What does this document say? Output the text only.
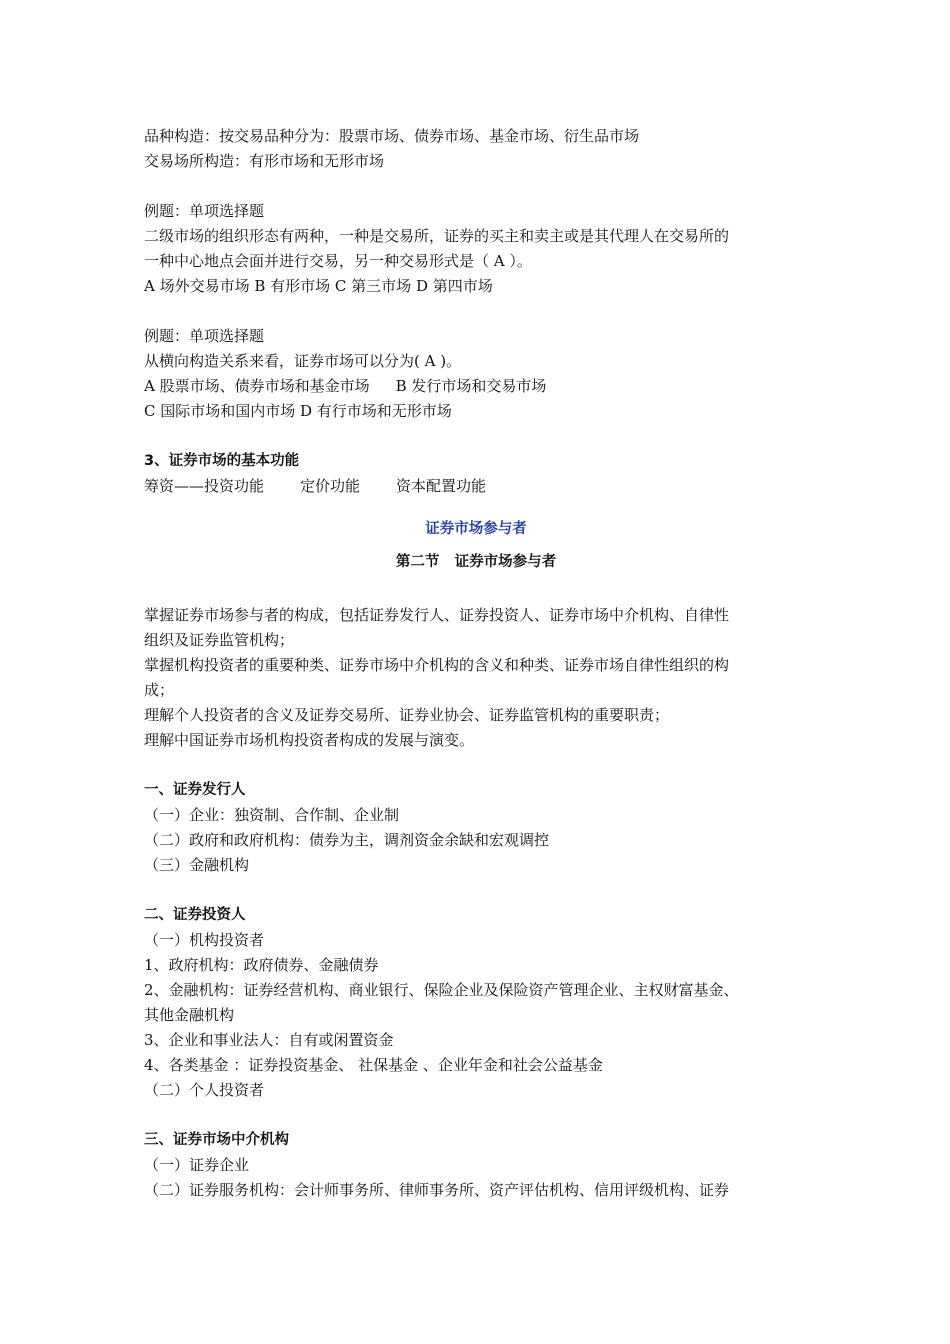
品种构造：按交易品种分为：股票市场、债券市场、基金市场、衍生品市场
交易场所构造：有形市场和无形市场
例题：单项选择题
二级市场的组织形态有两种，一种是交易所，证券的买主和卖主或是其代理人在交易所的
一种中心地点会面并进行交易，另一种交易形式是（ A ）。
A 场外交易市场 B 有形市场 C 第三市场 D 第四市场
例题：单项选择题
从横向构造关系来看，证券市场可以分为( A )。
A 股票市场、债券市场和基金市场 B 发行市场和交易市场
C 国际市场和国内市场 D 有行市场和无形市场
3、证券市场的基本功能
筹资——投资功能 定价功能 资本配置功能
证券市场参与者
第二节   证券市场参与者
掌握证券市场参与者的构成，包括证券发行人、证券投资人、证券市场中介机构、自律性
组织及证券监管机构；
掌握机构投资者的重要种类、证券市场中介机构的含义和种类、证券市场自律性组织的构
成；
理解个人投资者的含义及证券交易所、证券业协会、证券监管机构的重要职责；
理解中国证券市场机构投资者构成的发展与演变。
一、证券发行人
（一）企业：独资制、合作制、企业制
（二）政府和政府机构：债券为主，调剂资金余缺和宏观调控
（三）金融机构
二、证券投资人
（一）机构投资者
1、政府机构：政府债券、金融债券
2、金融机构：证券经营机构、商业银行、保险企业及保险资产管理企业、主权财富基金、
其他金融机构
3、企业和事业法人：自有或闲置资金
4、各类基金 ：证券投资基金、 社保基金 、企业年金和社会公益基金
（二）个人投资者
三、证券市场中介机构
（一）证券企业
（二）证券服务机构：会计师事务所、律师事务所、资产评估机构、信用评级机构、证券
